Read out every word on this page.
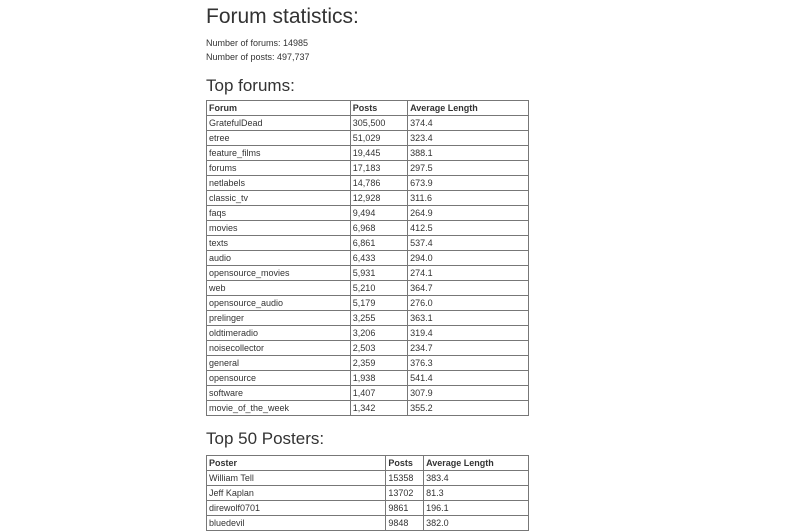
Forum statistics:
Number of forums: 14985
Number of posts: 497,737
Top forums:
Forum	Posts	Average Length
GratefulDead	305,500	374.4
etree	51,029	323.4
feature_films	19,445	388.1
forums	17,183	297.5
netlabels	14,786	673.9
classic_tv	12,928	311.6
faqs	9,494	264.9
movies	6,968	412.5
texts	6,861	537.4
audio	6,433	294.0
opensource_movies	5,931	274.1
web	5,210	364.7
opensource_audio	5,179	276.0
prelinger	3,255	363.1
oldtimeradio	3,206	319.4
noisecollector	2,503	234.7
general	2,359	376.3
opensource	1,938	541.4
software	1,407	307.9
movie_of_the_week	1,342	355.2
Top 50 Posters:
Poster	Posts	Average Length
William Tell	15358	383.4
Jeff Kaplan	13702	81.3
direwolf0701	9861	196.1
bluedevil	9848	382.0
